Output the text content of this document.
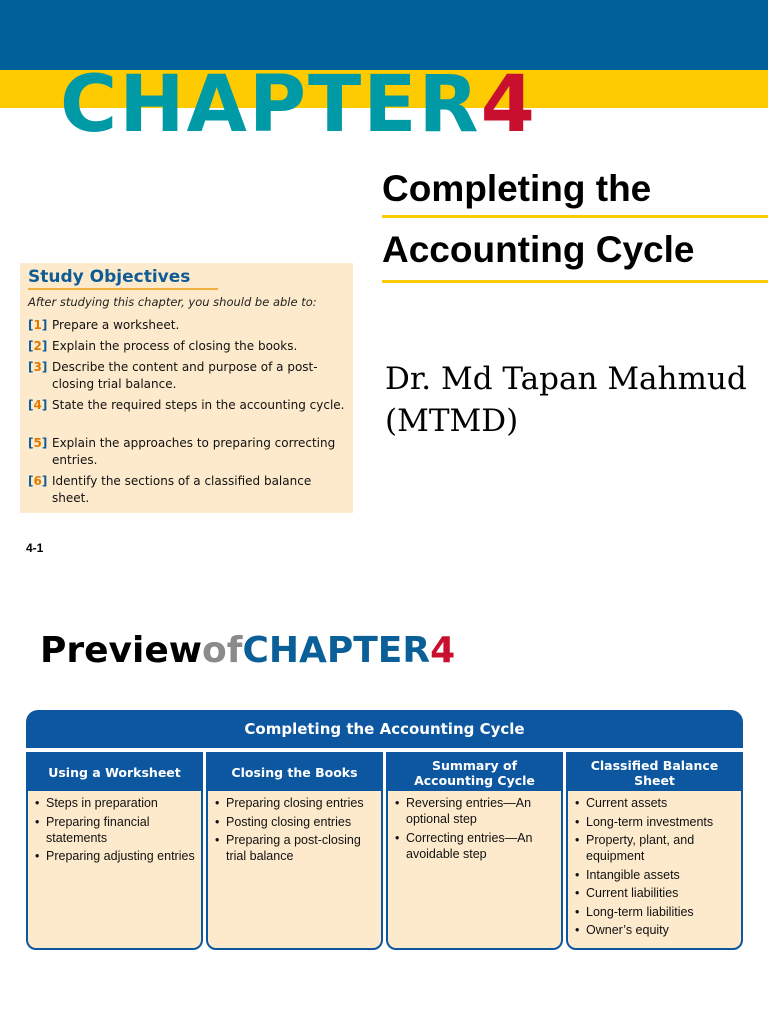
CHAPTER4
Completing the
Accounting Cycle
Dr. Md Tapan Mahmud
(MTMD)
Study Objectives
After studying this chapter, you should be able to:
[1] Prepare a worksheet.
[2] Explain the process of closing the books.
[3] Describe the content and purpose of a post-closing trial balance.
[4] State the required steps in the accounting cycle.
[5] Explain the approaches to preparing correcting entries.
[6] Identify the sections of a classified balance sheet.
4-1
PreviewofCHAPTER4
Completing the Accounting Cycle
Using a Worksheet
• Steps in preparation
• Preparing financial statements
• Preparing adjusting entries
Closing the Books
• Preparing closing entries
• Posting closing entries
• Preparing a post-closing trial balance
Summary of Accounting Cycle
• Reversing entries—An optional step
• Correcting entries—An avoidable step
Classified Balance Sheet
• Current assets
• Long-term investments
• Property, plant, and equipment
• Intangible assets
• Current liabilities
• Long-term liabilities
• Owner’s equity
